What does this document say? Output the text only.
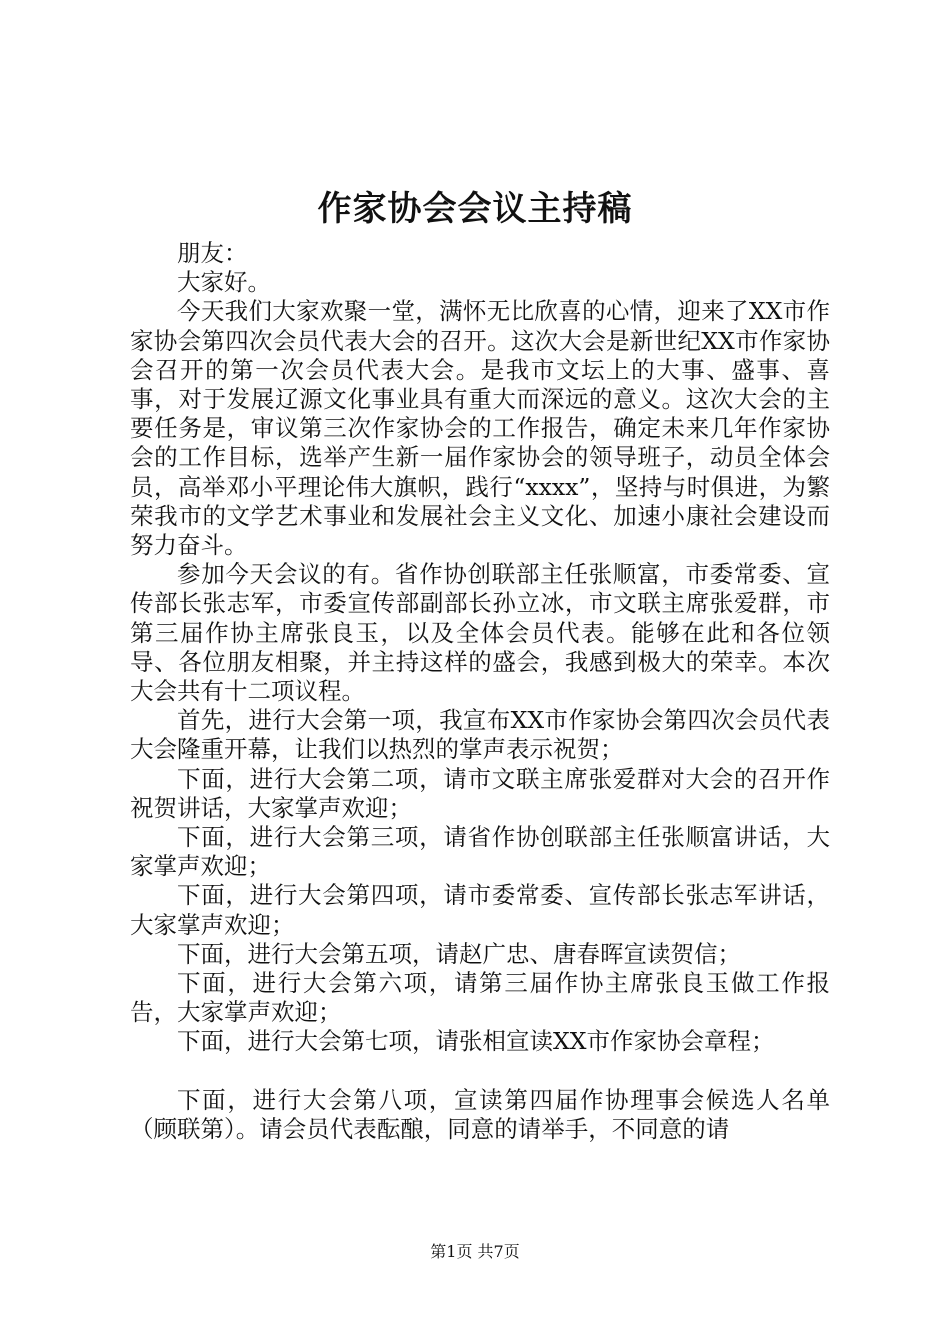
作家协会会议主持稿

朋友：

大家好。

今天我们大家欢聚一堂，满怀无比欣喜的心情，迎来了XX市作家协会第四次会员代表大会的召开。这次大会是新世纪XX市作家协会召开的第一次会员代表大会。是我市文坛上的大事、盛事、喜事，对于发展辽源文化事业具有重大而深远的意义。这次大会的主要任务是，审议第三次作家协会的工作报告，确定未来几年作家协会的工作目标，选举产生新一届作家协会的领导班子，动员全体会员，高举邓小平理论伟大旗帜，践行“xxxx”，坚持与时俱进，为繁荣我市的文学艺术事业和发展社会主义文化、加速小康社会建设而努力奋斗。

参加今天会议的有。省作协创联部主任张顺富，市委常委、宣传部长张志军，市委宣传部副部长孙立冰，市文联主席张爱群，市第三届作协主席张良玉，以及全体会员代表。能够在此和各位领导、各位朋友相聚，并主持这样的盛会，我感到极大的荣幸。本次大会共有十二项议程。

首先，进行大会第一项，我宣布XX市作家协会第四次会员代表大会隆重开幕，让我们以热烈的掌声表示祝贺；

下面，进行大会第二项，请市文联主席张爱群对大会的召开作祝贺讲话，大家掌声欢迎；

下面，进行大会第三项，请省作协创联部主任张顺富讲话，大家掌声欢迎；

下面，进行大会第四项，请市委常委、宣传部长张志军讲话，大家掌声欢迎；

下面，进行大会第五项，请赵广忠、唐春晖宣读贺信；

下面，进行大会第六项，请第三届作协主席张良玉做工作报告，大家掌声欢迎；

下面，进行大会第七项，请张相宣读XX市作家协会章程；

下面，进行大会第八项，宣读第四届作协理事会候选人名单（顾联第）。请会员代表酝酿，同意的请举手，不同意的请

第1页 共7页
